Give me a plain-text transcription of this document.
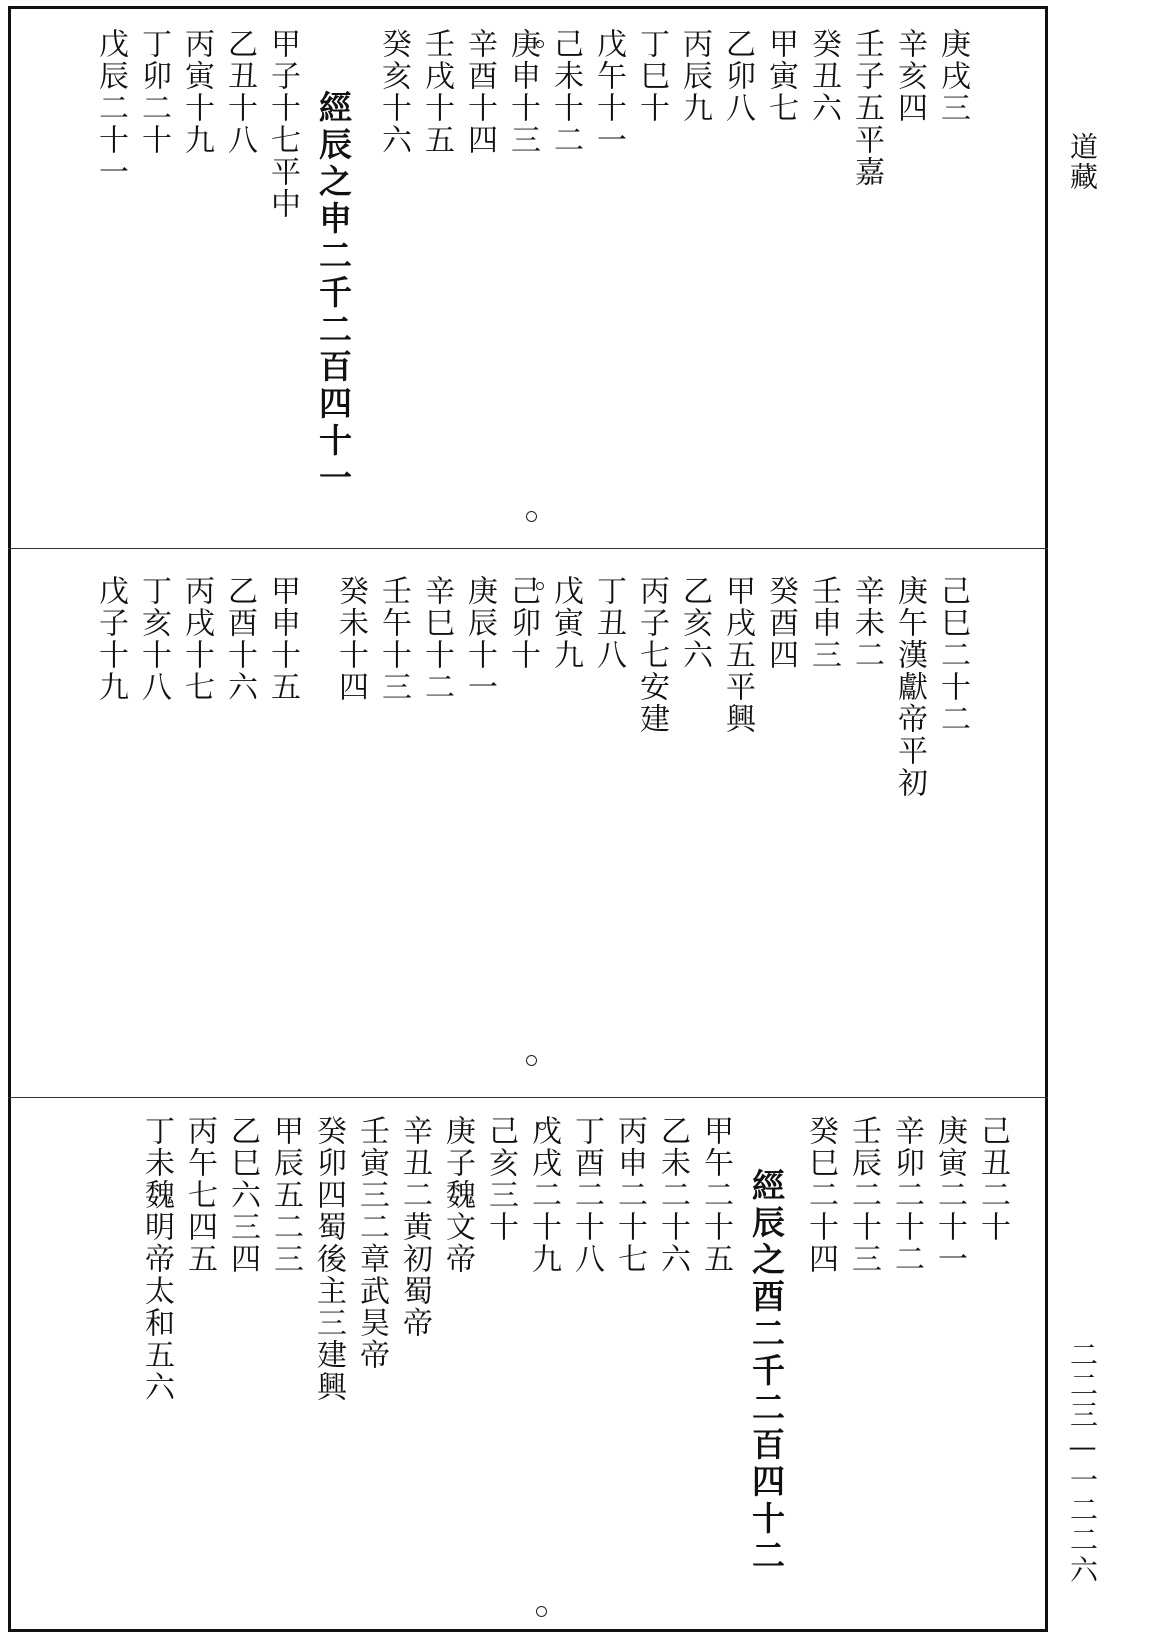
道藏
二二三—一二二六
庚戌三
辛亥四
壬子五平嘉
癸丑六
甲寅七
乙卯八
丙辰九
丁巳十
戊午十一
己未十二
庚申十三
辛酉十四
壬戌十五
癸亥十六
經辰之申二千二百四十一
甲子十七平中
乙丑十八
丙寅十九
丁卯二十
戊辰二十一
己巳二十二
庚午漢獻帝平初
辛未二
壬申三
癸酉四
甲戌五平興
乙亥六
丙子七安建
丁丑八
戊寅九
己卯十
庚辰十一
辛巳十二
壬午十三
癸未十四
甲申十五
乙酉十六
丙戌十七
丁亥十八
戊子十九
己丑二十
庚寅二十一
辛卯二十二
壬辰二十三
癸巳二十四
經辰之酉二千二百四十二
甲午二十五
乙未二十六
丙申二十七
丁酉二十八
戊戌二十九
己亥三十
庚子魏文帝
辛丑二黄初蜀帝
壬寅三二章武昊帝
癸卯四蜀後主三建興
甲辰五二三
乙巳六三四
丙午七四五
丁未魏明帝太和五六
